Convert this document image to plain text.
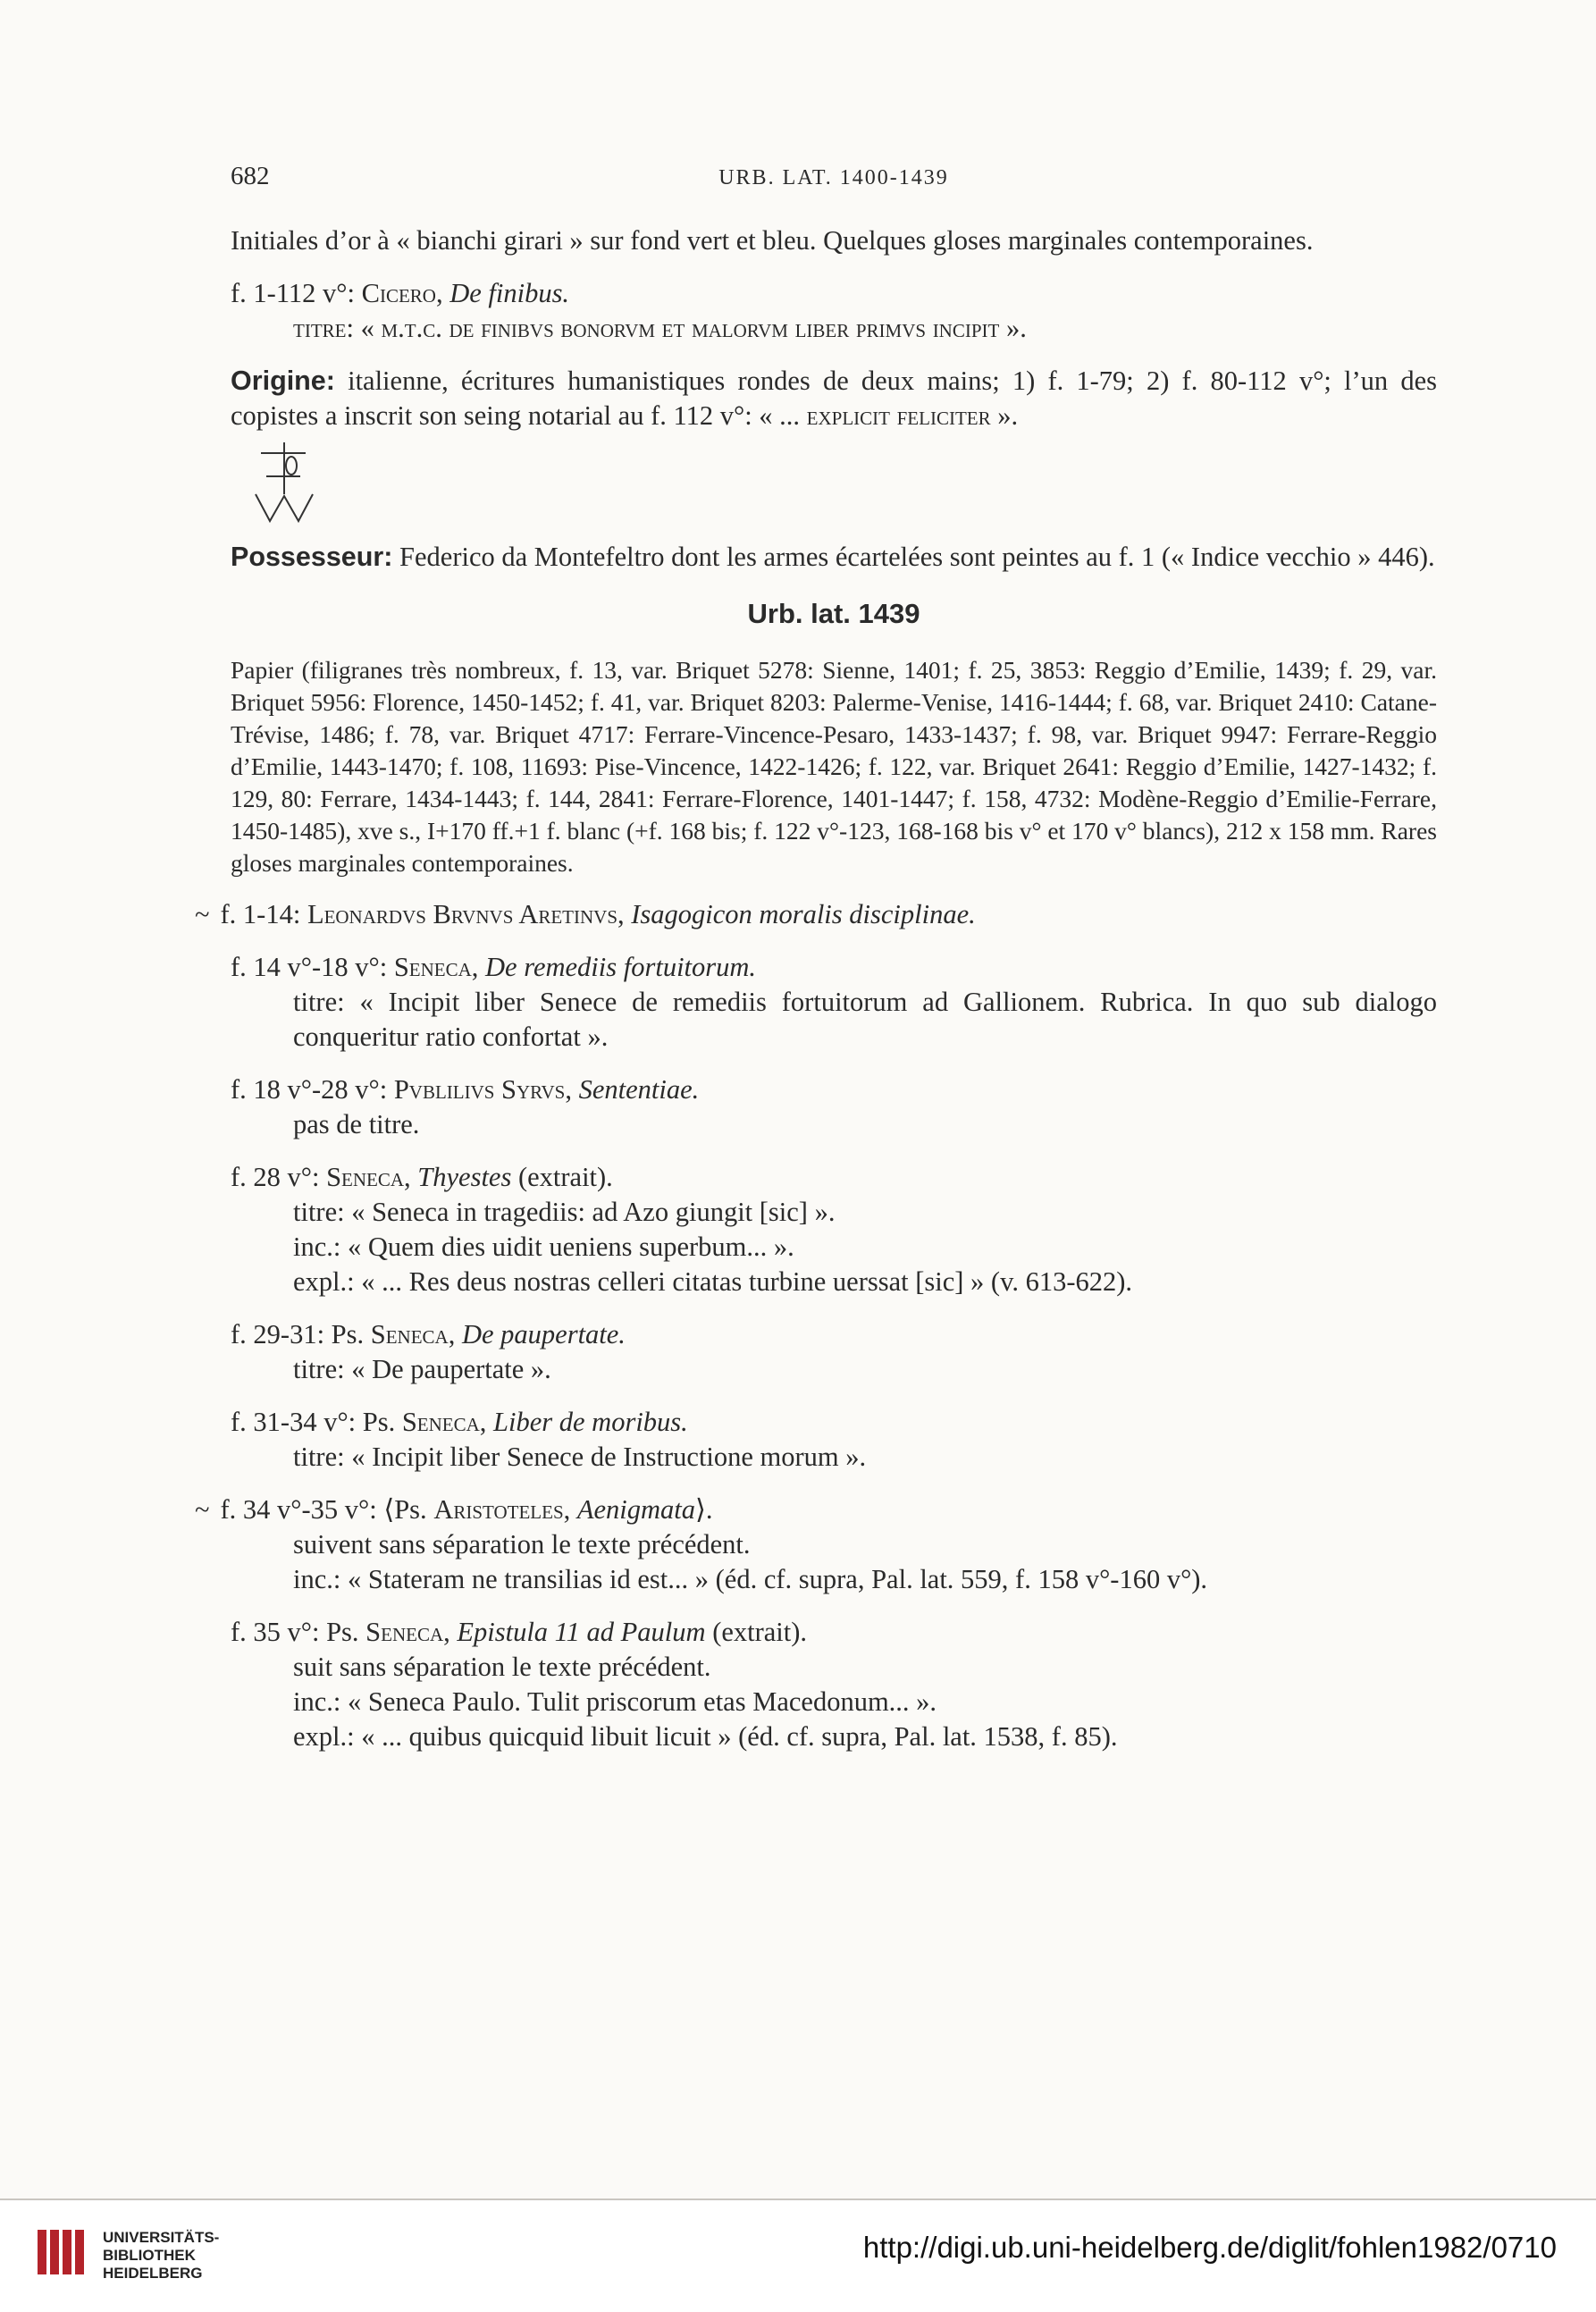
682	URB. LAT. 1400-1439

Initiales d’or à « bianchi girari » sur fond vert et bleu. Quelques gloses marginales contemporaines.

f. 1-112 v°: Cicero, De finibus.

titre: « m.t.c. de finibvs bonorvm et malorvm liber primvs incipit ».

Origine: italienne, écritures humanistiques rondes de deux mains; 1) f. 1-79; 2) f. 80-112 v°; l’un des copistes a inscrit son seing notarial au f. 112 v°: « ... explicit feliciter ».

Possesseur: Federico da Montefeltro dont les armes écartelées sont peintes au f. 1 (« Indice vecchio » 446).

Urb. lat. 1439

Papier (filigranes très nombreux, f. 13, var. Briquet 5278: Sienne, 1401; f. 25, 3853: Reggio d’Emilie, 1439; f. 29, var. Briquet 5956: Florence, 1450-1452; f. 41, var. Briquet 8203: Palerme-Venise, 1416-1444; f. 68, var. Briquet 2410: Catane-Trévise, 1486; f. 78, var. Briquet 4717: Ferrare-Vincence-Pesaro, 1433-1437; f. 98, var. Briquet 9947: Ferrare-Reggio d’Emilie, 1443-1470; f. 108, 11693: Pise-Vincence, 1422-1426; f. 122, var. Briquet 2641: Reggio d’Emilie, 1427-1432; f. 129, 80: Ferrare, 1434-1443; f. 144, 2841: Ferrare-Florence, 1401-1447; f. 158, 4732: Modène-Reggio d’Emilie-Ferrare, 1450-1485), xve s., I+170 ff.+1 f. blanc (+f. 168 bis; f. 122 v°-123, 168-168 bis v° et 170 v° blancs), 212 x 158 mm. Rares gloses marginales contemporaines.

~ f. 1-14: Leonardvs Brvnvs Aretinvs, Isagogicon moralis disciplinae.

f. 14 v°-18 v°: Seneca, De remediis fortuitorum.

titre: « Incipit liber Senece de remediis fortuitorum ad Gallionem. Rubrica. In quo sub dialogo conqueritur ratio confortat ».

f. 18 v°-28 v°: Pvblilivs Syrvs, Sententiae.

pas de titre.

f. 28 v°: Seneca, Thyestes (extrait).

titre: « Seneca in tragediis: ad Azo giungit [sic] ».

inc.: « Quem dies uidit ueniens superbum... ».

expl.: « ... Res deus nostras celleri citatas turbine uerssat [sic] » (v. 613-622).

f. 29-31: Ps. Seneca, De paupertate.

titre: « De paupertate ».

f. 31-34 v°: Ps. Seneca, Liber de moribus.

titre: « Incipit liber Senece de Instructione morum ».

~ f. 34 v°-35 v°: ⟨Ps. Aristoteles, Aenigmata⟩.

suivent sans séparation le texte précédent.

inc.: « Stateram ne transilias id est... » (éd. cf. supra, Pal. lat. 559, f. 158 v°-160 v°).

f. 35 v°: Ps. Seneca, Epistula 11 ad Paulum (extrait).

suit sans séparation le texte précédent.

inc.: « Seneca Paulo. Tulit priscorum etas Macedonum... ».

expl.: « ... quibus quicquid libuit licuit » (éd. cf. supra, Pal. lat. 1538, f. 85).

UNIVERSITÄTS-
BIBLIOTHEK
HEIDELBERG
http://digi.ub.uni-heidelberg.de/diglit/fohlen1982/0710
